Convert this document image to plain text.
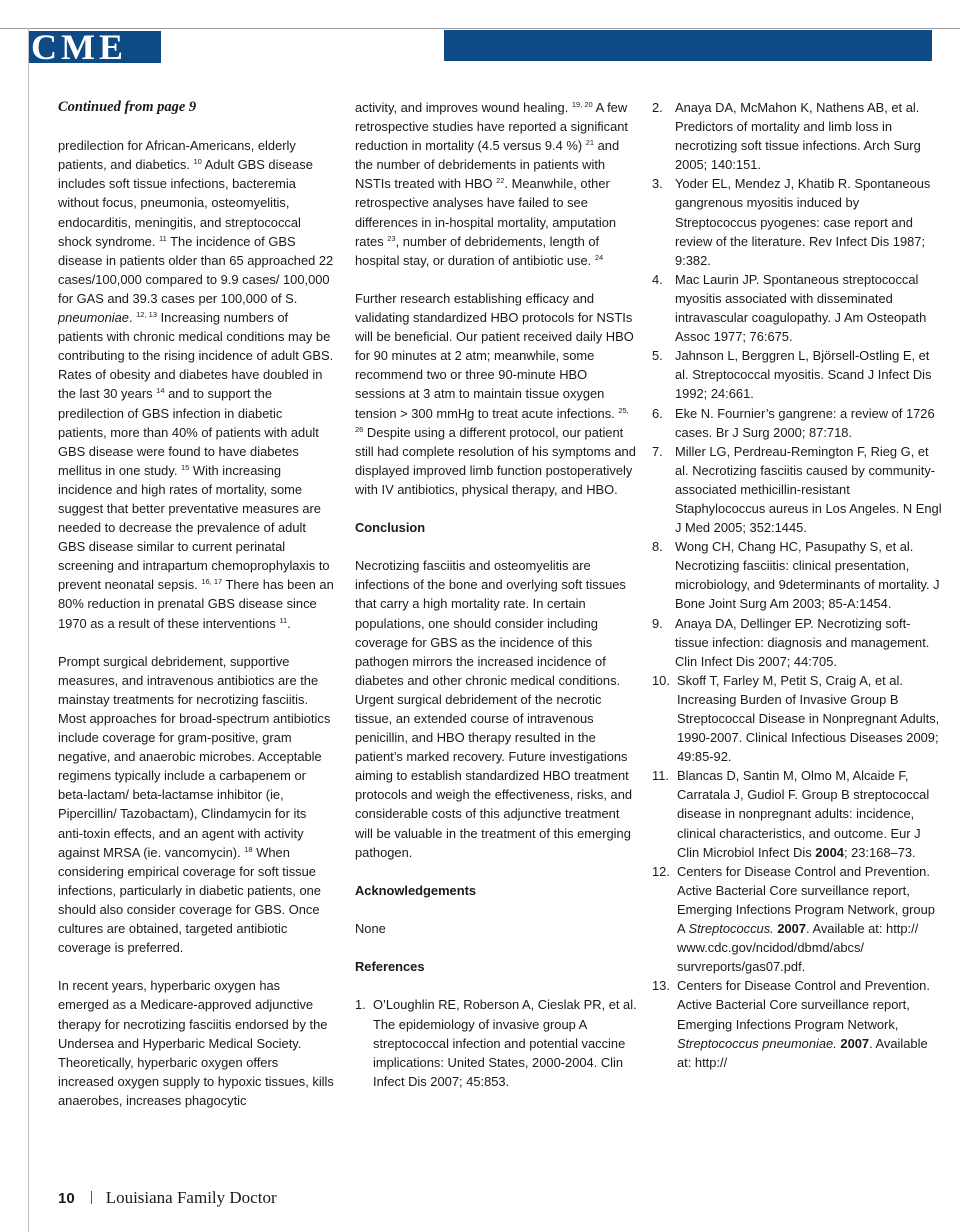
CME

Continued from page 9

predilection for African-Americans, elderly patients, and diabetics. $^{10}$ Adult GBS disease includes soft tissue infections, bacteremia without focus, pneumonia, osteomyelitis, endocarditis, meningitis, and streptococcal shock syndrome. $^{11}$ The incidence of GBS disease in patients older than 65 approached 22 cases/100,000 compared to 9.9 cases/ 100,000 for GAS and 39.3 cases per 100,000 of S. pneumoniae. $^{12, 13}$ Increasing numbers of patients with chronic medical conditions may be contributing to the rising incidence of adult GBS. Rates of obesity and diabetes have doubled in the last 30 years $^{14}$ and to support the predilection of GBS infection in diabetic patients, more than 40% of patients with adult GBS disease were found to have diabetes mellitus in one study. $^{15}$ With increasing incidence and high rates of mortality, some suggest that better preventative measures are needed to decrease the prevalence of adult GBS disease similar to current perinatal screening and intrapartum chemoprophylaxis to prevent neonatal sepsis. $^{16, 17}$ There has been an 80% reduction in prenatal GBS disease since 1970 as a result of these interventions $^{11}$.

Prompt surgical debridement, supportive measures, and intravenous antibiotics are the mainstay treatments for necrotizing fasciitis. Most approaches for broad-spectrum antibiotics include coverage for gram-positive, gram negative, and anaerobic microbes. Acceptable regimens typically include a carbapenem or beta-lactam/ beta-lactamse inhibitor (ie, Pipercillin/ Tazobactam), Clindamycin for its anti-toxin effects, and an agent with activity against MRSA (ie. vancomycin). $^{18}$ When considering empirical coverage for soft tissue infections, particularly in diabetic patients, one should also consider coverage for GBS. Once cultures are obtained, targeted antibiotic coverage is preferred.

In recent years, hyperbaric oxygen has emerged as a Medicare-approved adjunctive therapy for necrotizing fasciitis endorsed by the Undersea and Hyperbaric Medical Society. Theoretically, hyperbaric oxygen offers increased oxygen supply to hypoxic tissues, kills anaerobes, increases phagocytic

activity, and improves wound healing. $^{19, 20}$ A few retrospective studies have reported a significant reduction in mortality (4.5 versus 9.4 %) $^{21}$ and the number of debridements in patients with NSTIs treated with HBO $^{22}$. Meanwhile, other retrospective analyses have failed to see differences in in-hospital mortality, amputation rates $^{23}$, number of debridements, length of hospital stay, or duration of antibiotic use. $^{24}$

Further research establishing efficacy and validating standardized HBO protocols for NSTIs will be beneficial. Our patient received daily HBO for 90 minutes at 2 atm; meanwhile, some recommend two or three 90-minute HBO sessions at 3 atm to maintain tissue oxygen tension > 300 mmHg to treat acute infections. $^{25, 26}$ Despite using a different protocol, our patient still had complete resolution of his symptoms and displayed improved limb function postoperatively with IV antibiotics, physical therapy, and HBO.

Conclusion

Necrotizing fasciitis and osteomyelitis are infections of the bone and overlying soft tissues that carry a high mortality rate. In certain populations, one should consider including coverage for GBS as the incidence of this pathogen mirrors the increased incidence of diabetes and other chronic medical conditions. Urgent surgical debridement of the necrotic tissue, an extended course of intravenous penicillin, and HBO therapy resulted in the patient’s marked recovery. Future investigations aiming to establish standardized HBO treatment protocols and weigh the effectiveness, risks, and considerable costs of this adjunctive treatment will be valuable in the treatment of this emerging pathogen.

Acknowledgements

None

References

1. O’Loughlin RE, Roberson A, Cieslak PR, et al. The epidemiology of invasive group A streptococcal infection and potential vaccine implications: United States, 2000-2004. Clin Infect Dis 2007; 45:853.
2. Anaya DA, McMahon K, Nathens AB, et al. Predictors of mortality and limb loss in necrotizing soft tissue infections. Arch Surg 2005; 140:151.
3. Yoder EL, Mendez J, Khatib R. Spontaneous gangrenous myositis induced by Streptococcus pyogenes: case report and review of the literature. Rev Infect Dis 1987; 9:382.
4. Mac Laurin JP. Spontaneous streptococcal myositis associated with disseminated intravascular coagulopathy. J Am Osteopath Assoc 1977; 76:675.
5. Jahnson L, Berggren L, Björsell-Ostling E, et al. Streptococcal myositis. Scand J Infect Dis 1992; 24:661.
6. Eke N. Fournier’s gangrene: a review of 1726 cases. Br J Surg 2000; 87:718.
7. Miller LG, Perdreau-Remington F, Rieg G, et al. Necrotizing fasciitis caused by community-associated methicillin-resistant Staphylococcus aureus in Los Angeles. N Engl J Med 2005; 352:1445.
8. Wong CH, Chang HC, Pasupathy S, et al. Necrotizing fasciitis: clinical presentation, microbiology, and 9determinants of mortality. J Bone Joint Surg Am 2003; 85-A:1454.
9. Anaya DA, Dellinger EP. Necrotizing soft-tissue infection: diagnosis and management. Clin Infect Dis 2007; 44:705.
10. Skoff T, Farley M, Petit S, Craig A, et al. Increasing Burden of Invasive Group B Streptococcal Disease in Nonpregnant Adults, 1990-2007. Clinical Infectious Diseases 2009; 49:85-92.
11. Blancas D, Santin M, Olmo M, Alcaide F, Carratala J, Gudiol F. Group B streptococcal disease in nonpregnant adults: incidence, clinical characteristics, and outcome. Eur J Clin Microbiol Infect Dis 2004; 23:168–73.
12. Centers for Disease Control and Prevention. Active Bacterial Core surveillance report, Emerging Infections Program Network, group A Streptococcus. 2007. Available at: http:// www.cdc.gov/ncidod/dbmd/abcs/ survreports/gas07.pdf.
13. Centers for Disease Control and Prevention. Active Bacterial Core surveillance report, Emerging Infections Program Network, Streptococcus pneumoniae. 2007. Available at: http://
10 Louisiana Family Doctor
